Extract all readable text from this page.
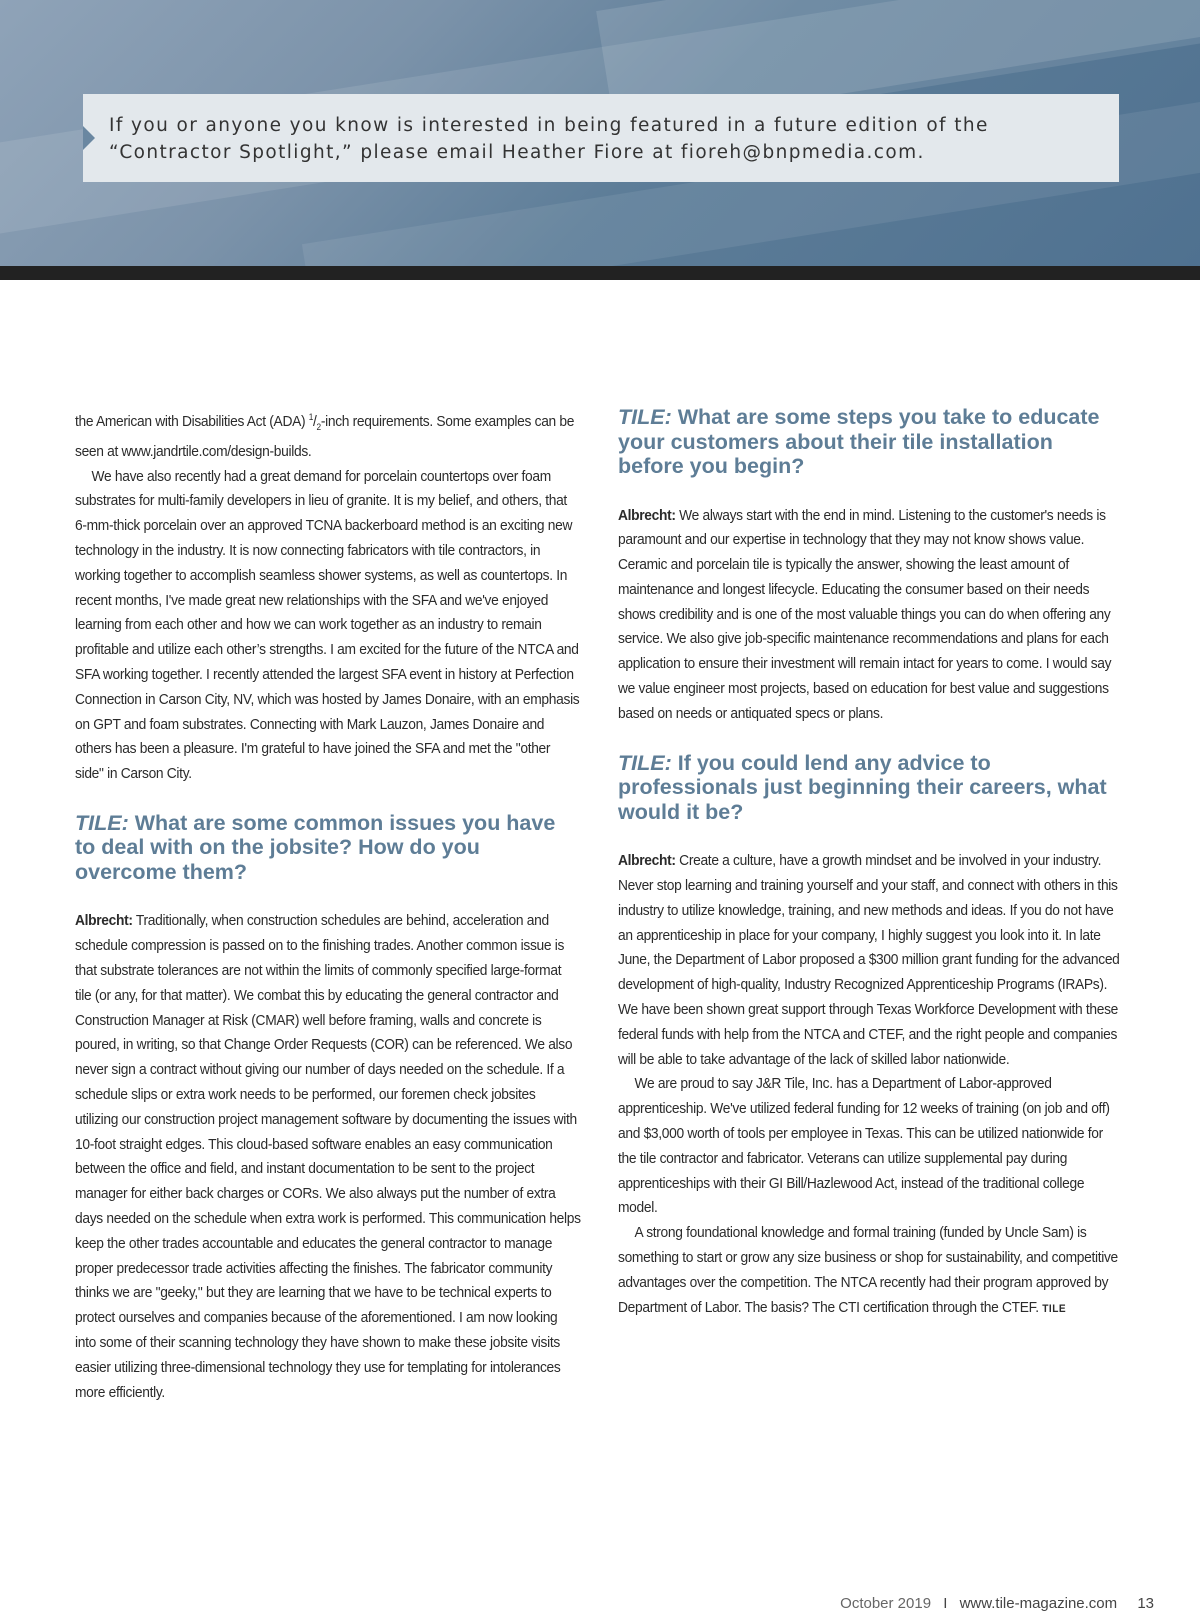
If you or anyone you know is interested in being featured in a future edition of the
“Contractor Spotlight,” please email Heather Fiore at fioreh@bnpmedia.com.

the American with Disabilities Act (ADA) $^1/_2$-inch requirements. Some examples can be seen at www.jandrtile.com/design-builds.

We have also recently had a great demand for porcelain countertops over foam substrates for multi-family developers in lieu of granite. It is my belief, and others, that 6-mm-thick porcelain over an approved TCNA backerboard method is an exciting new technology in the industry. It is now connecting fabricators with tile contractors, in working together to accomplish seamless shower systems, as well as countertops. In recent months, I've made great new relationships with the SFA and we've enjoyed learning from each other and how we can work together as an industry to remain profitable and utilize each other’s strengths. I am excited for the future of the NTCA and SFA working together. I recently attended the largest SFA event in history at Perfection Connection in Carson City, NV, which was hosted by James Donaire, with an emphasis on GPT and foam substrates. Connecting with Mark Lauzon, James Donaire and others has been a pleasure. I'm grateful to have joined the SFA and met the "other side" in Carson City.

TILE: What are some common issues you have to deal with on the jobsite? How do you overcome them?

Albrecht: Traditionally, when construction schedules are behind, acceleration and schedule compression is passed on to the finishing trades. Another common issue is that substrate tolerances are not within the limits of commonly specified large-format tile (or any, for that matter). We combat this by educating the general contractor and Construction Manager at Risk (CMAR) well before framing, walls and concrete is poured, in writing, so that Change Order Requests (COR) can be referenced. We also never sign a contract without giving our number of days needed on the schedule. If a schedule slips or extra work needs to be performed, our foremen check jobsites utilizing our construction project management software by documenting the issues with 10-foot straight edges. This cloud-based software enables an easy communication between the office and field, and instant documentation to be sent to the project manager for either back charges or CORs. We also always put the number of extra days needed on the schedule when extra work is performed. This communication helps keep the other trades accountable and educates the general contractor to manage proper predecessor trade activities affecting the finishes. The fabricator community thinks we are "geeky," but they are learning that we have to be technical experts to protect ourselves and companies because of the aforementioned. I am now looking into some of their scanning technology they have shown to make these jobsite visits easier utilizing three-dimensional technology they use for templating for intolerances more efficiently.

TILE: What are some steps you take to educate your customers about their tile installation before you begin?

Albrecht: We always start with the end in mind. Listening to the customer's needs is paramount and our expertise in technology that they may not know shows value. Ceramic and porcelain tile is typically the answer, showing the least amount of maintenance and longest lifecycle. Educating the consumer based on their needs shows credibility and is one of the most valuable things you can do when offering any service. We also give job-specific maintenance recommendations and plans for each application to ensure their investment will remain intact for years to come. I would say we value engineer most projects, based on education for best value and suggestions based on needs or antiquated specs or plans.

TILE: If you could lend any advice to professionals just beginning their careers, what would it be?

Albrecht: Create a culture, have a growth mindset and be involved in your industry. Never stop learning and training yourself and your staff, and connect with others in this industry to utilize knowledge, training, and new methods and ideas. If you do not have an apprenticeship in place for your company, I highly suggest you look into it. In late June, the Department of Labor proposed a $300 million grant funding for the advanced development of high-quality, Industry Recognized Apprenticeship Programs (IRAPs). We have been shown great support through Texas Workforce Development with these federal funds with help from the NTCA and CTEF, and the right people and companies will be able to take advantage of the lack of skilled labor nationwide.

We are proud to say J&R Tile, Inc. has a Department of Labor-approved apprenticeship. We've utilized federal funding for 12 weeks of training (on job and off) and $3,000 worth of tools per employee in Texas. This can be utilized nationwide for the tile contractor and fabricator. Veterans can utilize supplemental pay during apprenticeships with their GI Bill/Hazlewood Act, instead of the traditional college model.

A strong foundational knowledge and formal training (funded by Uncle Sam) is something to start or grow any size business or shop for sustainability, and competitive advantages over the competition. The NTCA recently had their program approved by Department of Labor. The basis? The CTI certification through the CTEF. TILE

October 2019 I www.tile-magazine.com 13
